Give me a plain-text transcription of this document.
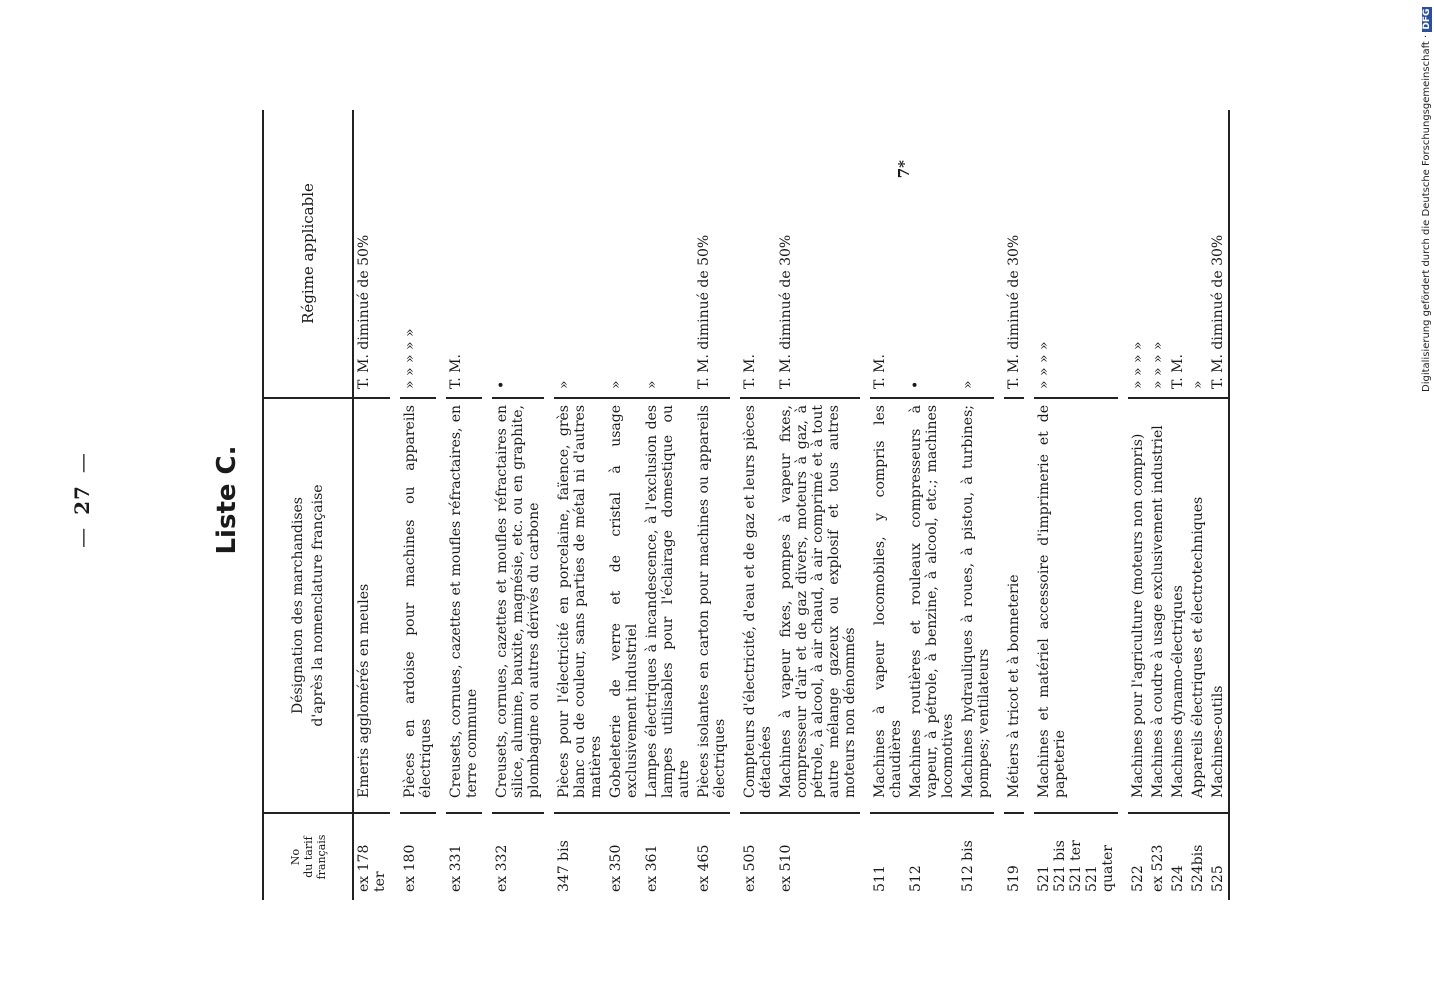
—27—	Liste C.
No du tarif français
Désignation des marchandises d'après la nomenclature française
Régime applicable
ex 178
ter
Emeris agglomérés en meules
T. M. diminué de 50%
ex 180
Pièces en ardoise pour machines ou appareils électriques
» » » » »
ex 331
Creusets, cornues, cazettes et moufles réfractaires, en terre commune
T. M.
ex 332
Creusets, cornues, cazettes et moufles réfractaires en silice, alumine, bauxite, magnésie, etc. ou en graphite, plombagine ou autres dérivés du carbone
•
347 bis
Pièces pour l'électricité en porcelaine, faïence, grès blanc ou de couleur, sans parties de métal ni d'autres matières
»
ex 350
Gobeleterie de verre et de cristal à usage exclusivement industriel
»
ex 361
Lampes électriques à incandescence, à l'exclusion des lampes utilisables pour l'éclairage domestique ou autre
»
ex 465
Pièces isolantes en carton pour machines ou appareils électriques
T. M. diminué de 50%
ex 505
Compteurs d'électricité, d'eau et de gaz et leurs pièces détachées
T. M.
ex 510
Machines à vapeur fixes, pompes à vapeur fixes, compresseur d'air et de gaz divers, moteurs à gaz, à pétrole, à alcool, à air chaud, à air comprimé et à tout autre mélange gazeux ou explosif et tous autres moteurs non dénommés
T. M. diminué de 30%
511
Machines à vapeur locomobiles, y compris les chaudières
T. M.
512
Machines routières et rouleaux compresseurs à vapeur, à pétrole, à benzine, à alcool, etc.; machines locomotives
•
512 bis
Machines hydrauliques à roues, à pistou, à turbines; pompes; ventilateurs
»
519
Métiers à tricot et à bonneterie
T. M. diminué de 30%
521
521 bis
521 ter
521
quater
Machines et matériel accessoire d'imprimerie et de papeterie
» » » »
522
Machines pour l'agriculture (moteurs non compris)
» » » »
ex 523
Machines à coudre à usage exclusivement industriel
» » » »
524
Machines dynamo-électriques
T. M.
524bis
Appareils électriques et électrotechniques
»
525
Machines-outils
T. M. diminué de 30%
7*	Digitalisierung gefördert durch die Deutsche Forschungsgemeinschaft · DFG
